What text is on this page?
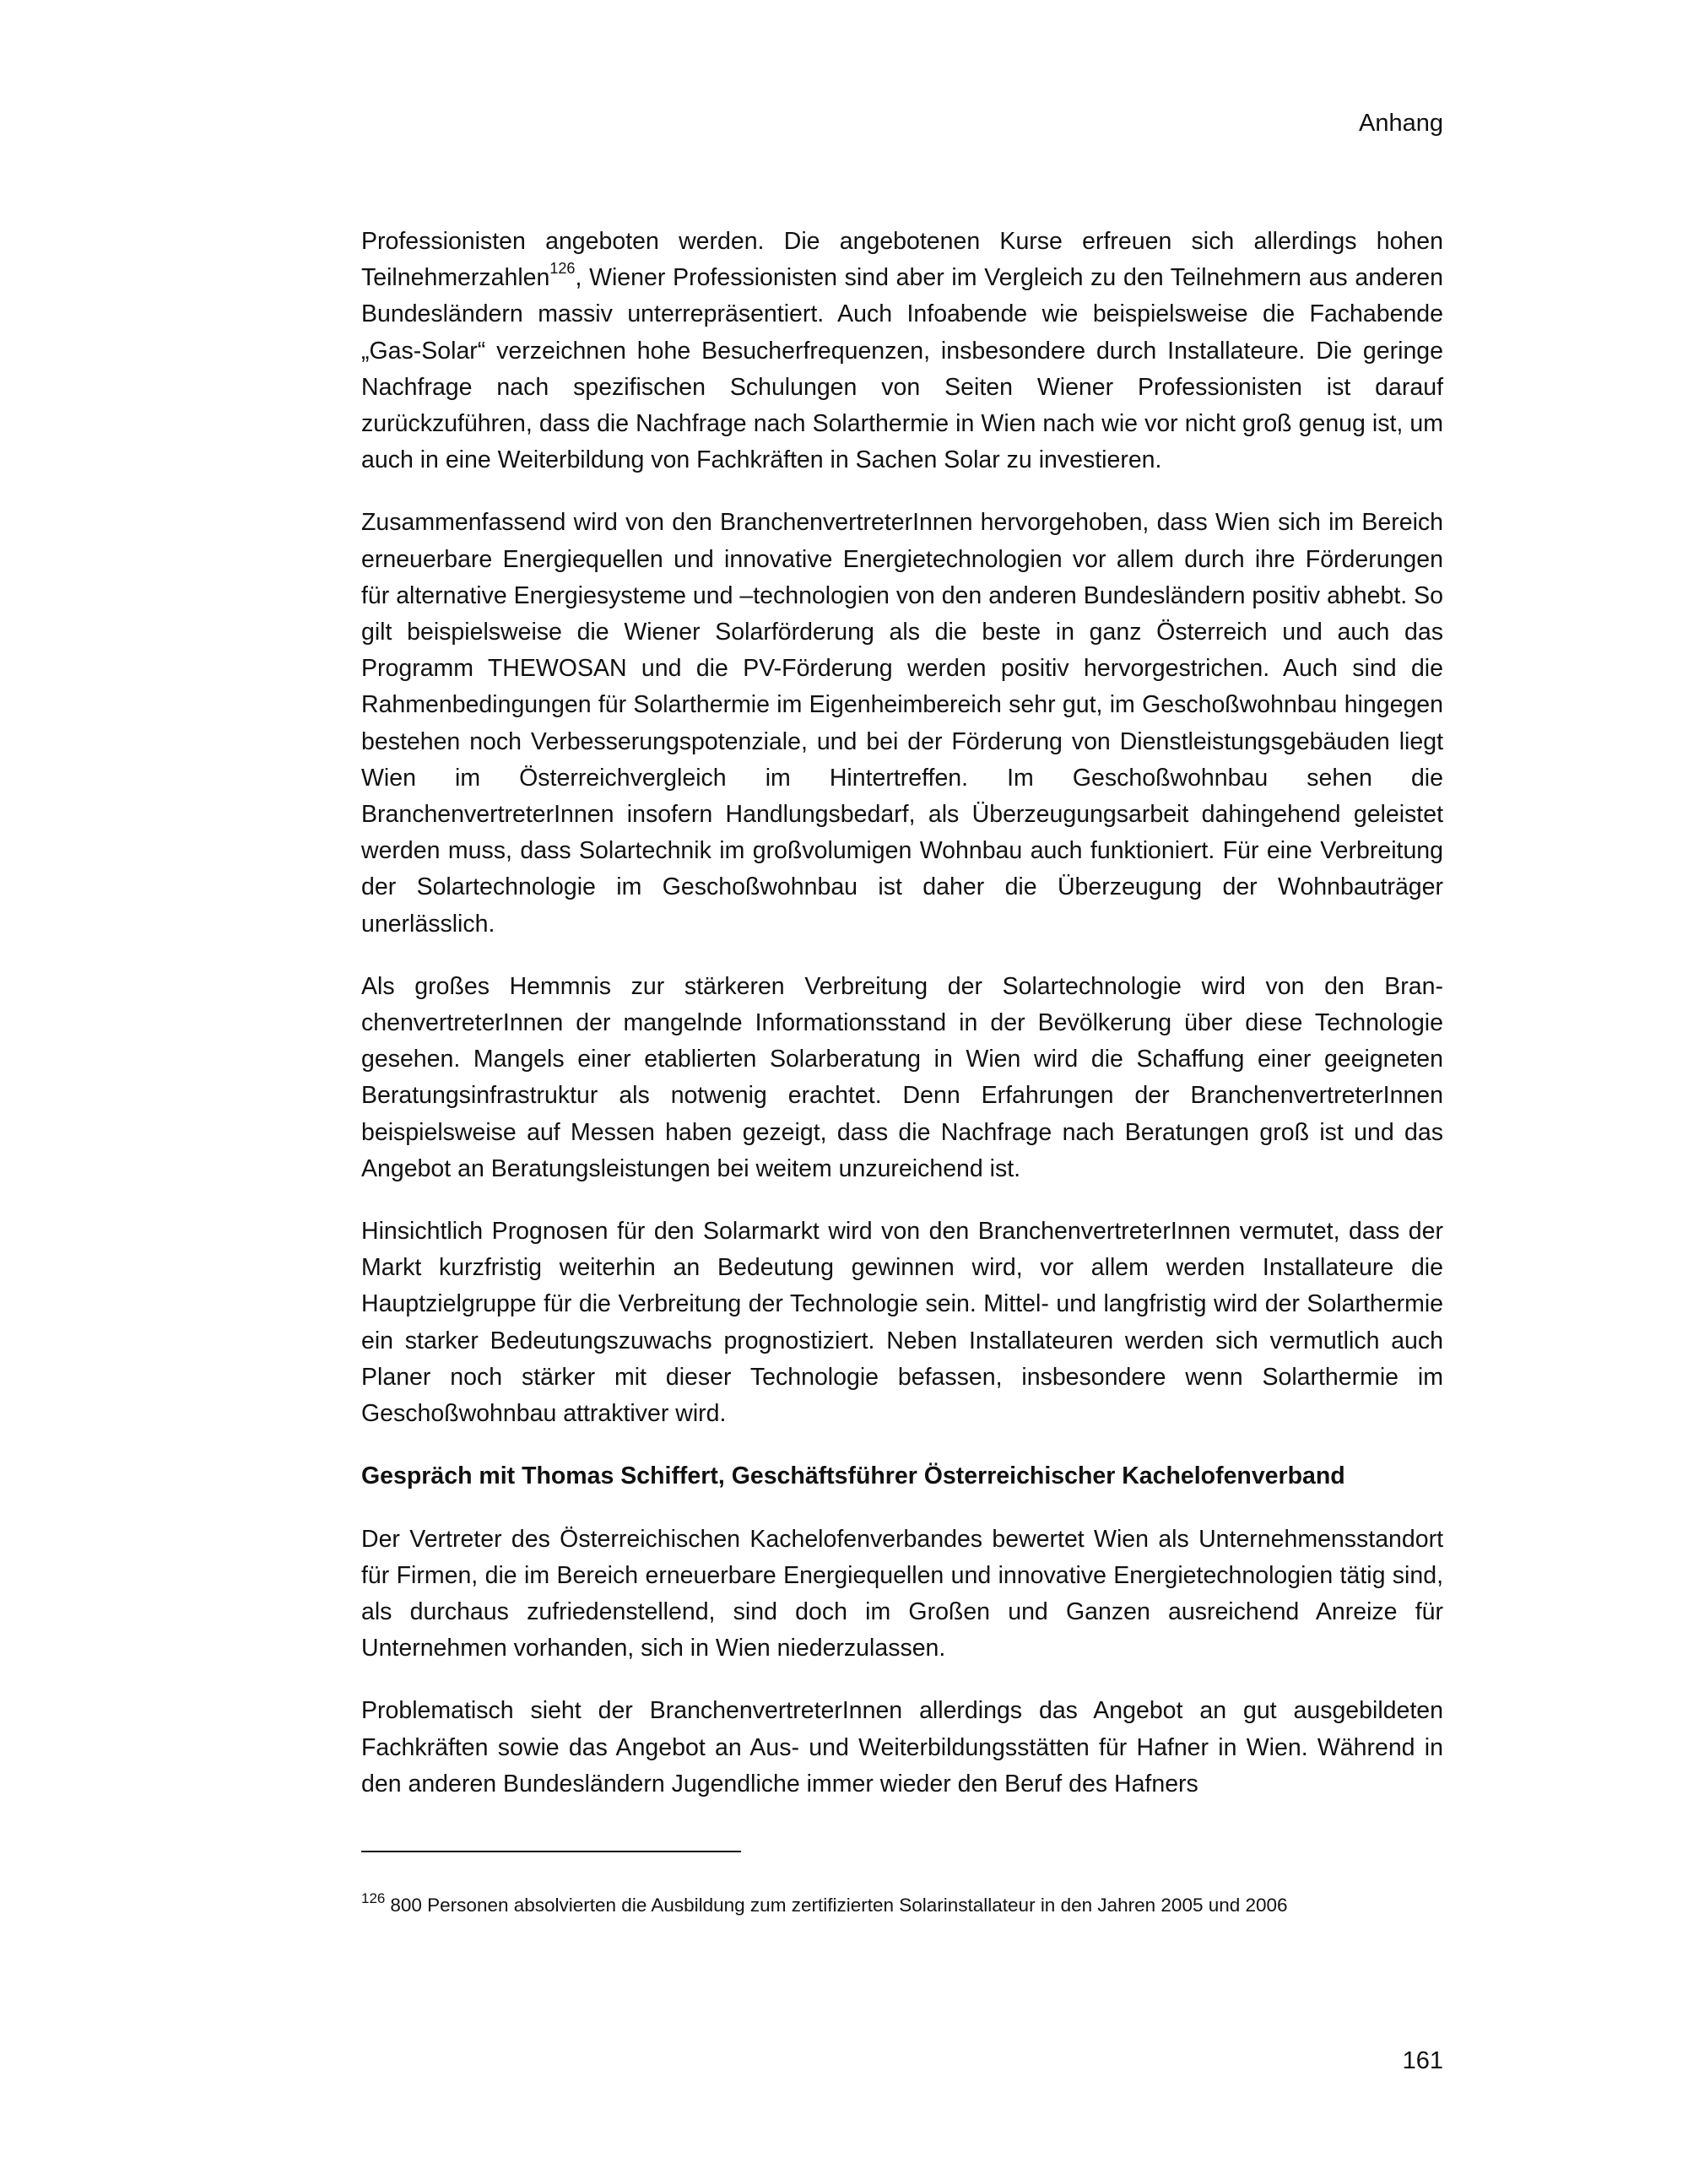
Anhang

Professionisten angeboten werden. Die angebotenen Kurse erfreuen sich allerdings hohen Teilnehmerzahlen$^{126}$, Wiener Professionisten sind aber im Vergleich zu den Teilnehmern aus anderen Bundesländern massiv unterrepräsentiert. Auch Infoabende wie beispielsweise die Fachabende „Gas-Solar“ verzeichnen hohe Besucherfrequenzen, insbesondere durch Installateure. Die geringe Nachfrage nach spezifischen Schulungen von Seiten Wiener Professionisten ist darauf zurückzuführen, dass die Nachfrage nach Solarthermie in Wien nach wie vor nicht groß genug ist, um auch in eine Weiterbildung von Fachkräften in Sachen Solar zu investieren.

Zusammenfassend wird von den BranchenvertreterInnen hervorgehoben, dass Wien sich im Bereich erneuerbare Energiequellen und innovative Energietechnologien vor allem durch ihre Förderungen für alternative Energiesysteme und –technologien von den anderen Bundesländern positiv abhebt. So gilt beispielsweise die Wiener Solarförderung als die beste in ganz Österreich und auch das Programm THEWOSAN und die PV-Förderung werden positiv hervorgestrichen. Auch sind die Rahmenbedingungen für Solarthermie im Eigenheimbereich sehr gut, im Geschoßwohnbau hingegen bestehen noch Verbesserungspotenziale, und bei der Förderung von Dienstleistungsgebäuden liegt Wien im Österreichvergleich im Hintertreffen. Im Geschoßwohnbau sehen die BranchenvertreterInnen insofern Handlungsbedarf, als Überzeugungsarbeit dahingehend geleistet werden muss, dass Solartechnik im großvolumigen Wohnbau auch funktioniert. Für eine Verbreitung der Solartechnologie im Geschoßwohnbau ist daher die Überzeugung der Wohnbauträger unerlässlich.

Als großes Hemmnis zur stärkeren Verbreitung der Solartechnologie wird von den BranchenvertreterInnen der mangelnde Informationsstand in der Bevölkerung über diese Technologie gesehen. Mangels einer etablierten Solarberatung in Wien wird die Schaffung einer geeigneten Beratungsinfrastruktur als notwenig erachtet. Denn Erfahrungen der BranchenvertreterInnen beispielsweise auf Messen haben gezeigt, dass die Nachfrage nach Beratungen groß ist und das Angebot an Beratungsleistungen bei weitem unzureichend ist.

Hinsichtlich Prognosen für den Solarmarkt wird von den BranchenvertreterInnen vermutet, dass der Markt kurzfristig weiterhin an Bedeutung gewinnen wird, vor allem werden Installateure die Hauptzielgruppe für die Verbreitung der Technologie sein. Mittel- und langfristig wird der Solarthermie ein starker Bedeutungszuwachs prognostiziert. Neben Installateuren werden sich vermutlich auch Planer noch stärker mit dieser Technologie befassen, insbesondere wenn Solarthermie im Geschoßwohnbau attraktiver wird.

Gespräch mit Thomas Schiffert, Geschäftsführer Österreichischer Kachelofenverband

Der Vertreter des Österreichischen Kachelofenverbandes bewertet Wien als Unternehmensstandort für Firmen, die im Bereich erneuerbare Energiequellen und innovative Energietechnologien tätig sind, als durchaus zufriedenstellend, sind doch im Großen und Ganzen ausreichend Anreize für Unternehmen vorhanden, sich in Wien niederzulassen.

Problematisch sieht der BranchenvertreterInnen allerdings das Angebot an gut ausgebildeten Fachkräften sowie das Angebot an Aus- und Weiterbildungsstätten für Hafner in Wien. Während in den anderen Bundesländern Jugendliche immer wieder den Beruf des Hafners

$^{126}$ 800 Personen absolvierten die Ausbildung zum zertifizierten Solarinstallateur in den Jahren 2005 und 2006
161
